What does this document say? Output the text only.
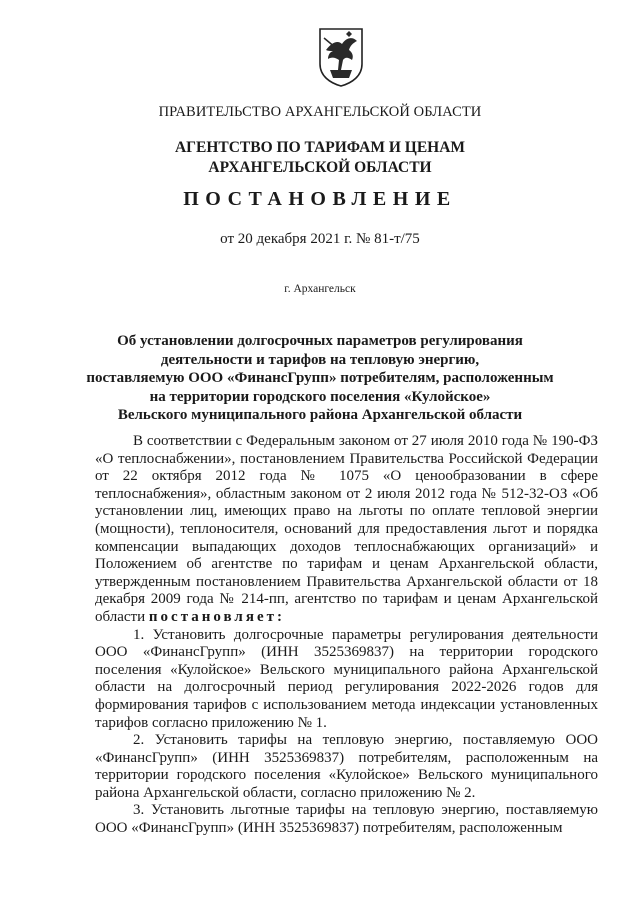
ПРАВИТЕЛЬСТВО АРХАНГЕЛЬСКОЙ ОБЛАСТИ
АГЕНТСТВО ПО ТАРИФАМ И ЦЕНАМ
АРХАНГЕЛЬСКОЙ ОБЛАСТИ
ПОСТАНОВЛЕНИЕ
от 20 декабря 2021 г. № 81-т/75
г. Архангельск
Об установлении долгосрочных параметров регулирования
деятельности и тарифов на тепловую энергию,
поставляемую ООО «ФинансГрупп» потребителям, расположенным
на территории городского поселения «Кулойское»
Вельского муниципального района Архангельской области

В соответствии с Федеральным законом от 27 июля 2010 года № 190-ФЗ «О теплоснабжении», постановлением Правительства Российской Федерации от 22 октября 2012 года № 1075 «О ценообразовании в сфере теплоснабжения», областным законом от 2 июля 2012 года № 512-32-ОЗ «Об установлении лиц, имеющих право на льготы по оплате тепловой энергии (мощности), теплоносителя, оснований для предоставления льгот и порядка компенсации выпадающих доходов теплоснабжающих организаций» и Положением об агентстве по тарифам и ценам Архангельской области, утвержденным постановлением Правительства Архангельской области от 18 декабря 2009 года № 214-пп, агентство по тарифам и ценам Архангельской области постановляет:

1. Установить долгосрочные параметры регулирования деятельности ООО «ФинансГрупп» (ИНН 3525369837) на территории городского поселения «Кулойское» Вельского муниципального района Архангельской области на долгосрочный период регулирования 2022-2026 годов для формирования тарифов с использованием метода индексации установленных тарифов согласно приложению № 1.

2. Установить тарифы на тепловую энергию, поставляемую ООО «ФинансГрупп» (ИНН 3525369837) потребителям, расположенным на территории городского поселения «Кулойское» Вельского муниципального района Архангельской области, согласно приложению № 2.

3. Установить льготные тарифы на тепловую энергию, поставляемую ООО «ФинансГрупп» (ИНН 3525369837) потребителям, расположенным
